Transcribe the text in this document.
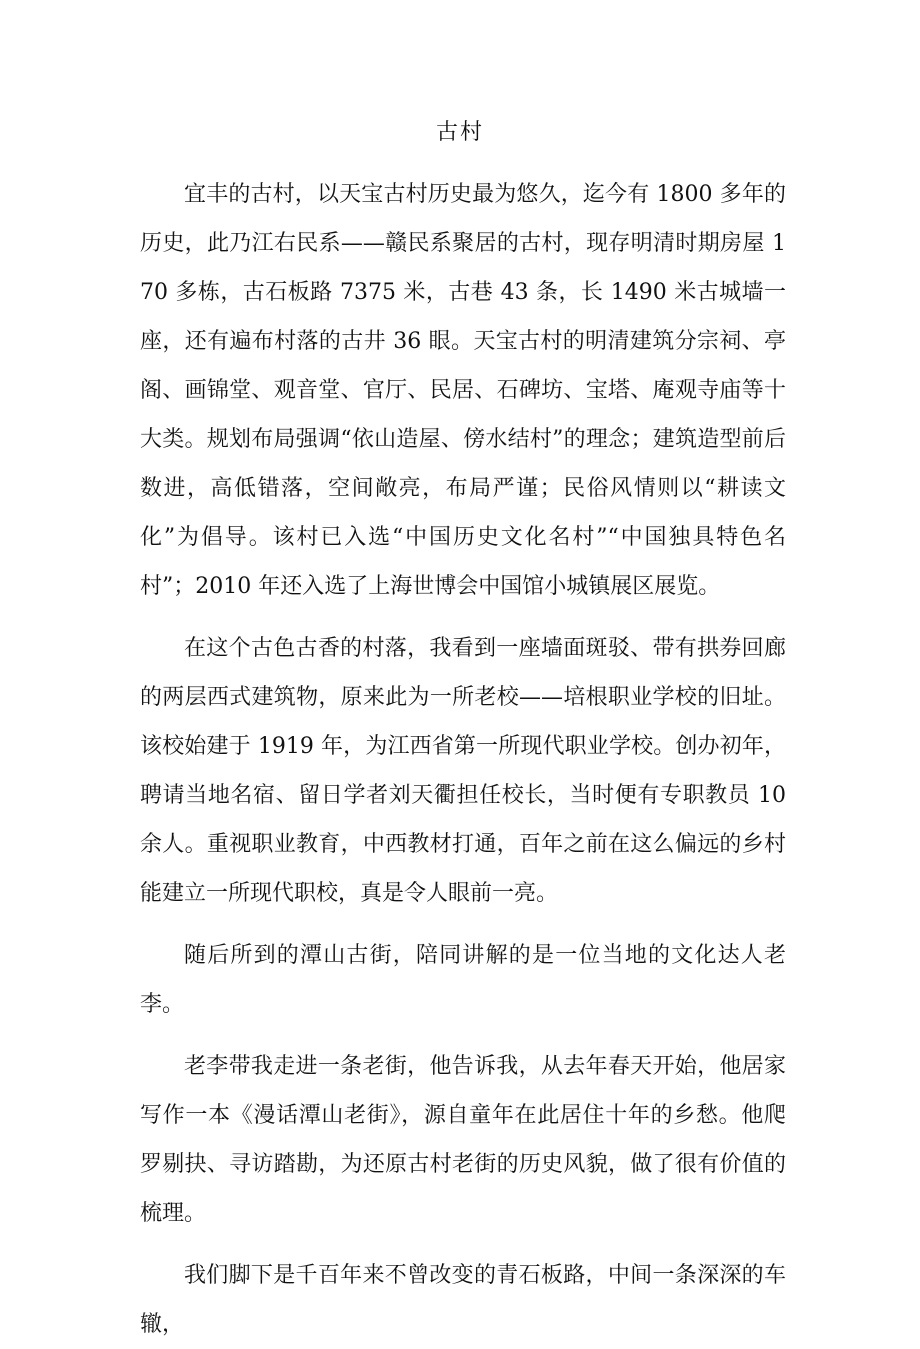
古村

宜丰的古村，以天宝古村历史最为悠久，迄今有 1800 多年的历史，此乃江右民系——赣民系聚居的古村，现存明清时期房屋 170 多栋，古石板路 7375 米，古巷 43 条，长 1490 米古城墙一座，还有遍布村落的古井 36 眼。天宝古村的明清建筑分宗祠、亭阁、画锦堂、观音堂、官厅、民居、石碑坊、宝塔、庵观寺庙等十大类。规划布局强调“依山造屋、傍水结村”的理念；建筑造型前后数进，高低错落，空间敞亮，布局严谨；民俗风情则以“耕读文化”为倡导。该村已入选“中国历史文化名村”“中国独具特色名村”；2010 年还入选了上海世博会中国馆小城镇展区展览。

在这个古色古香的村落，我看到一座墙面斑驳、带有拱券回廊的两层西式建筑物，原来此为一所老校——培根职业学校的旧址。该校始建于 1919 年，为江西省第一所现代职业学校。创办初年，聘请当地名宿、留日学者刘天衢担任校长，当时便有专职教员 10 余人。重视职业教育，中西教材打通，百年之前在这么偏远的乡村能建立一所现代职校，真是令人眼前一亮。

随后所到的潭山古街，陪同讲解的是一位当地的文化达人老李。

老李带我走进一条老街，他告诉我，从去年春天开始，他居家写作一本《漫话潭山老街》，源自童年在此居住十年的乡愁。他爬罗剔抉、寻访踏勘，为还原古村老街的历史风貌，做了很有价值的梳理。

我们脚下是千百年来不曾改变的青石板路，中间一条深深的车辙，
